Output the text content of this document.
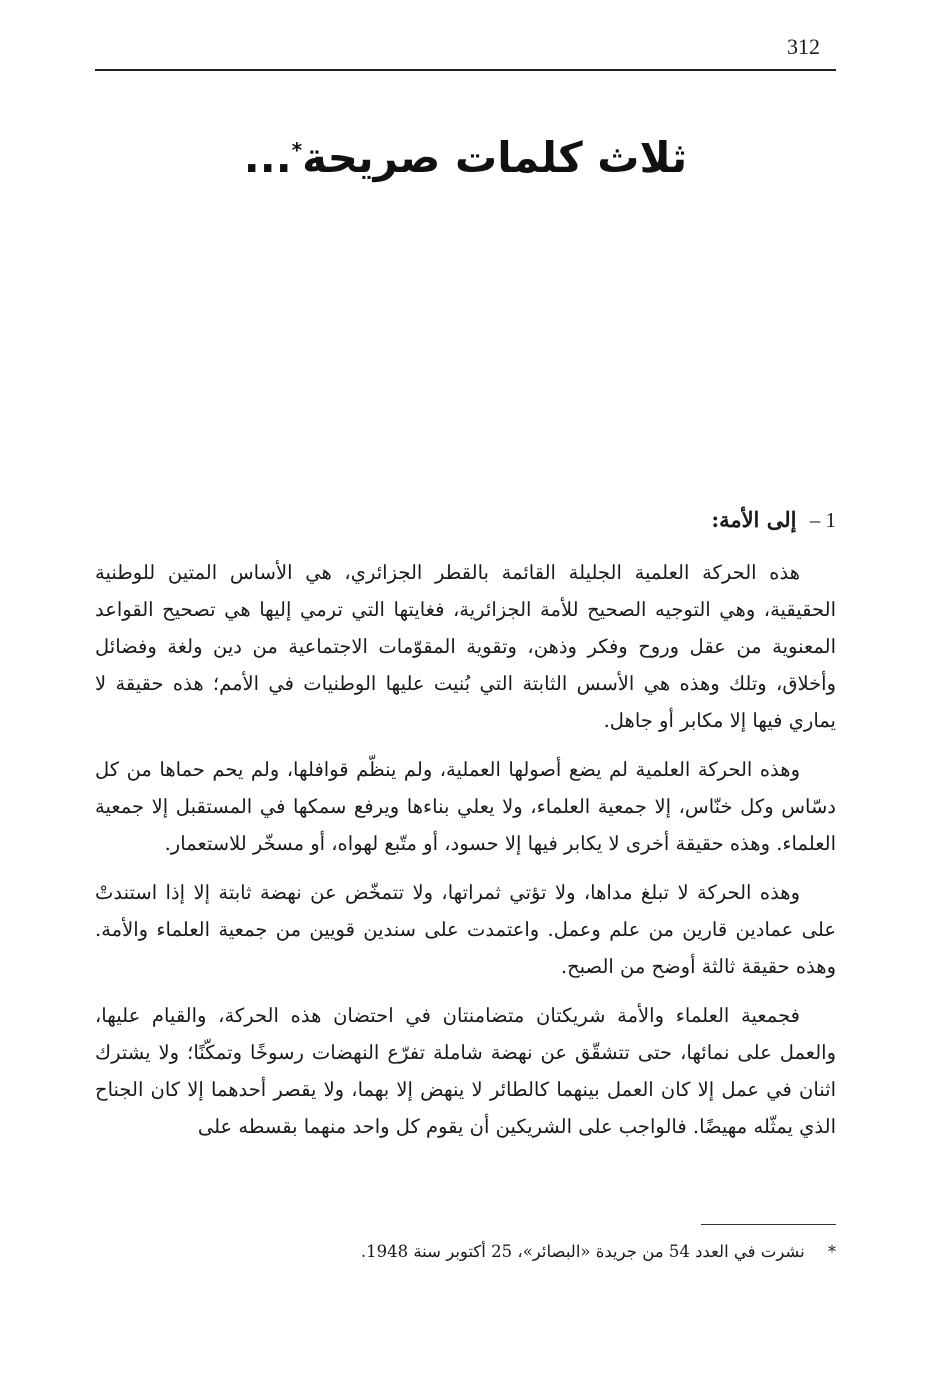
312
ثلاث كلمات صريحة*...
1 – إلى الأمة:

هذه الحركة العلمية الجليلة القائمة بالقطر الجزائري، هي الأساس المتين للوطنية الحقيقية، وهي التوجيه الصحيح للأمة الجزائرية، فغايتها التي ترمي إليها هي تصحيح القواعد المعنوية من عقل وروح وفكر وذهن، وتقوية المقوّمات الاجتماعية من دين ولغة وفضائل وأخلاق، وتلك وهذه هي الأسس الثابتة التي بُنيت عليها الوطنيات في الأمم؛ هذه حقيقة لا يماري فيها إلا مكابر أو جاهل.

وهذه الحركة العلمية لم يضع أصولها العملية، ولم ينظّم قوافلها، ولم يحم حماها من كل دسّاس وكل خنّاس، إلا جمعية العلماء، ولا يعلي بناءها ويرفع سمكها في المستقبل إلا جمعية العلماء. وهذه حقيقة أخرى لا يكابر فيها إلا حسود، أو متّبع لهواه، أو مسخّر للاستعمار.

وهذه الحركة لا تبلغ مداها، ولا تؤتي ثمراتها، ولا تتمخّض عن نهضة ثابتة إلا إذا استندتْ على عمادين قارين من علم وعمل. واعتمدت على سندين قويين من جمعية العلماء والأمة. وهذه حقيقة ثالثة أوضح من الصبح.

فجمعية العلماء والأمة شريكتان متضامنتان في احتضان هذه الحركة، والقيام عليها، والعمل على نمائها، حتى تتشقّق عن نهضة شاملة تفرّع النهضات رسوخًا وتمكّنًا؛ ولا يشترك اثنان في عمل إلا كان العمل بينهما كالطائر لا ينهض إلا بهما، ولا يقصر أحدهما إلا كان الجناح الذي يمثّله مهيضًا. فالواجب على الشريكين أن يقوم كل واحد منهما بقسطه على

* نشرت في العدد 54 من جريدة «البصائر»، 25 أكتوبر سنة 1948.
